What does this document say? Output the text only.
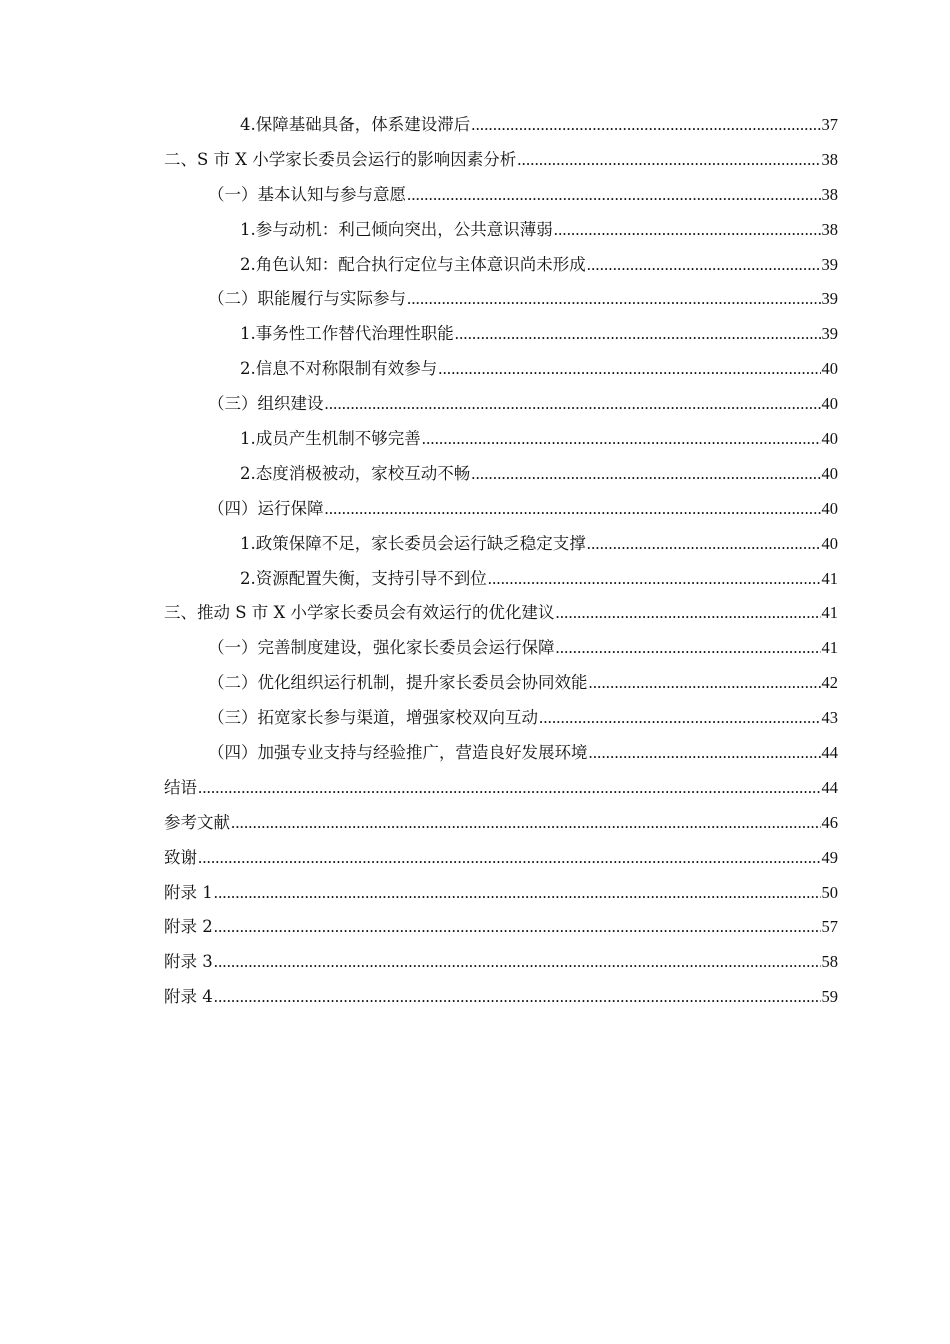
4.保障基础具备，体系建设滞后 .....	37
二、S 市 X 小学家长委员会运行的影响因素分析 .....	38
（一）基本认知与参与意愿 .....	38
1.参与动机：利己倾向突出，公共意识薄弱 .....	38
2.角色认知：配合执行定位与主体意识尚未形成 .....	39
（二）职能履行与实际参与 .....	39
1.事务性工作替代治理性职能 .....	39
2.信息不对称限制有效参与 .....	40
（三）组织建设 .....	40
1.成员产生机制不够完善 .....	40
2.态度消极被动，家校互动不畅 .....	40
（四）运行保障 .....	40
1.政策保障不足，家长委员会运行缺乏稳定支撑 .....	40
2.资源配置失衡，支持引导不到位 .....	41
三、推动 S 市 X 小学家长委员会有效运行的优化建议 .....	41
（一）完善制度建设，强化家长委员会运行保障 .....	41
（二）优化组织运行机制，提升家长委员会协同效能 .....	42
（三）拓宽家长参与渠道，增强家校双向互动 .....	43
（四）加强专业支持与经验推广，营造良好发展环境 .....	44
结语 .....	44
参考文献 .....	46
致谢 .....	49
附录 1 .....	50
附录 2 .....	57
附录 3 .....	58
附录 4 .....	59
